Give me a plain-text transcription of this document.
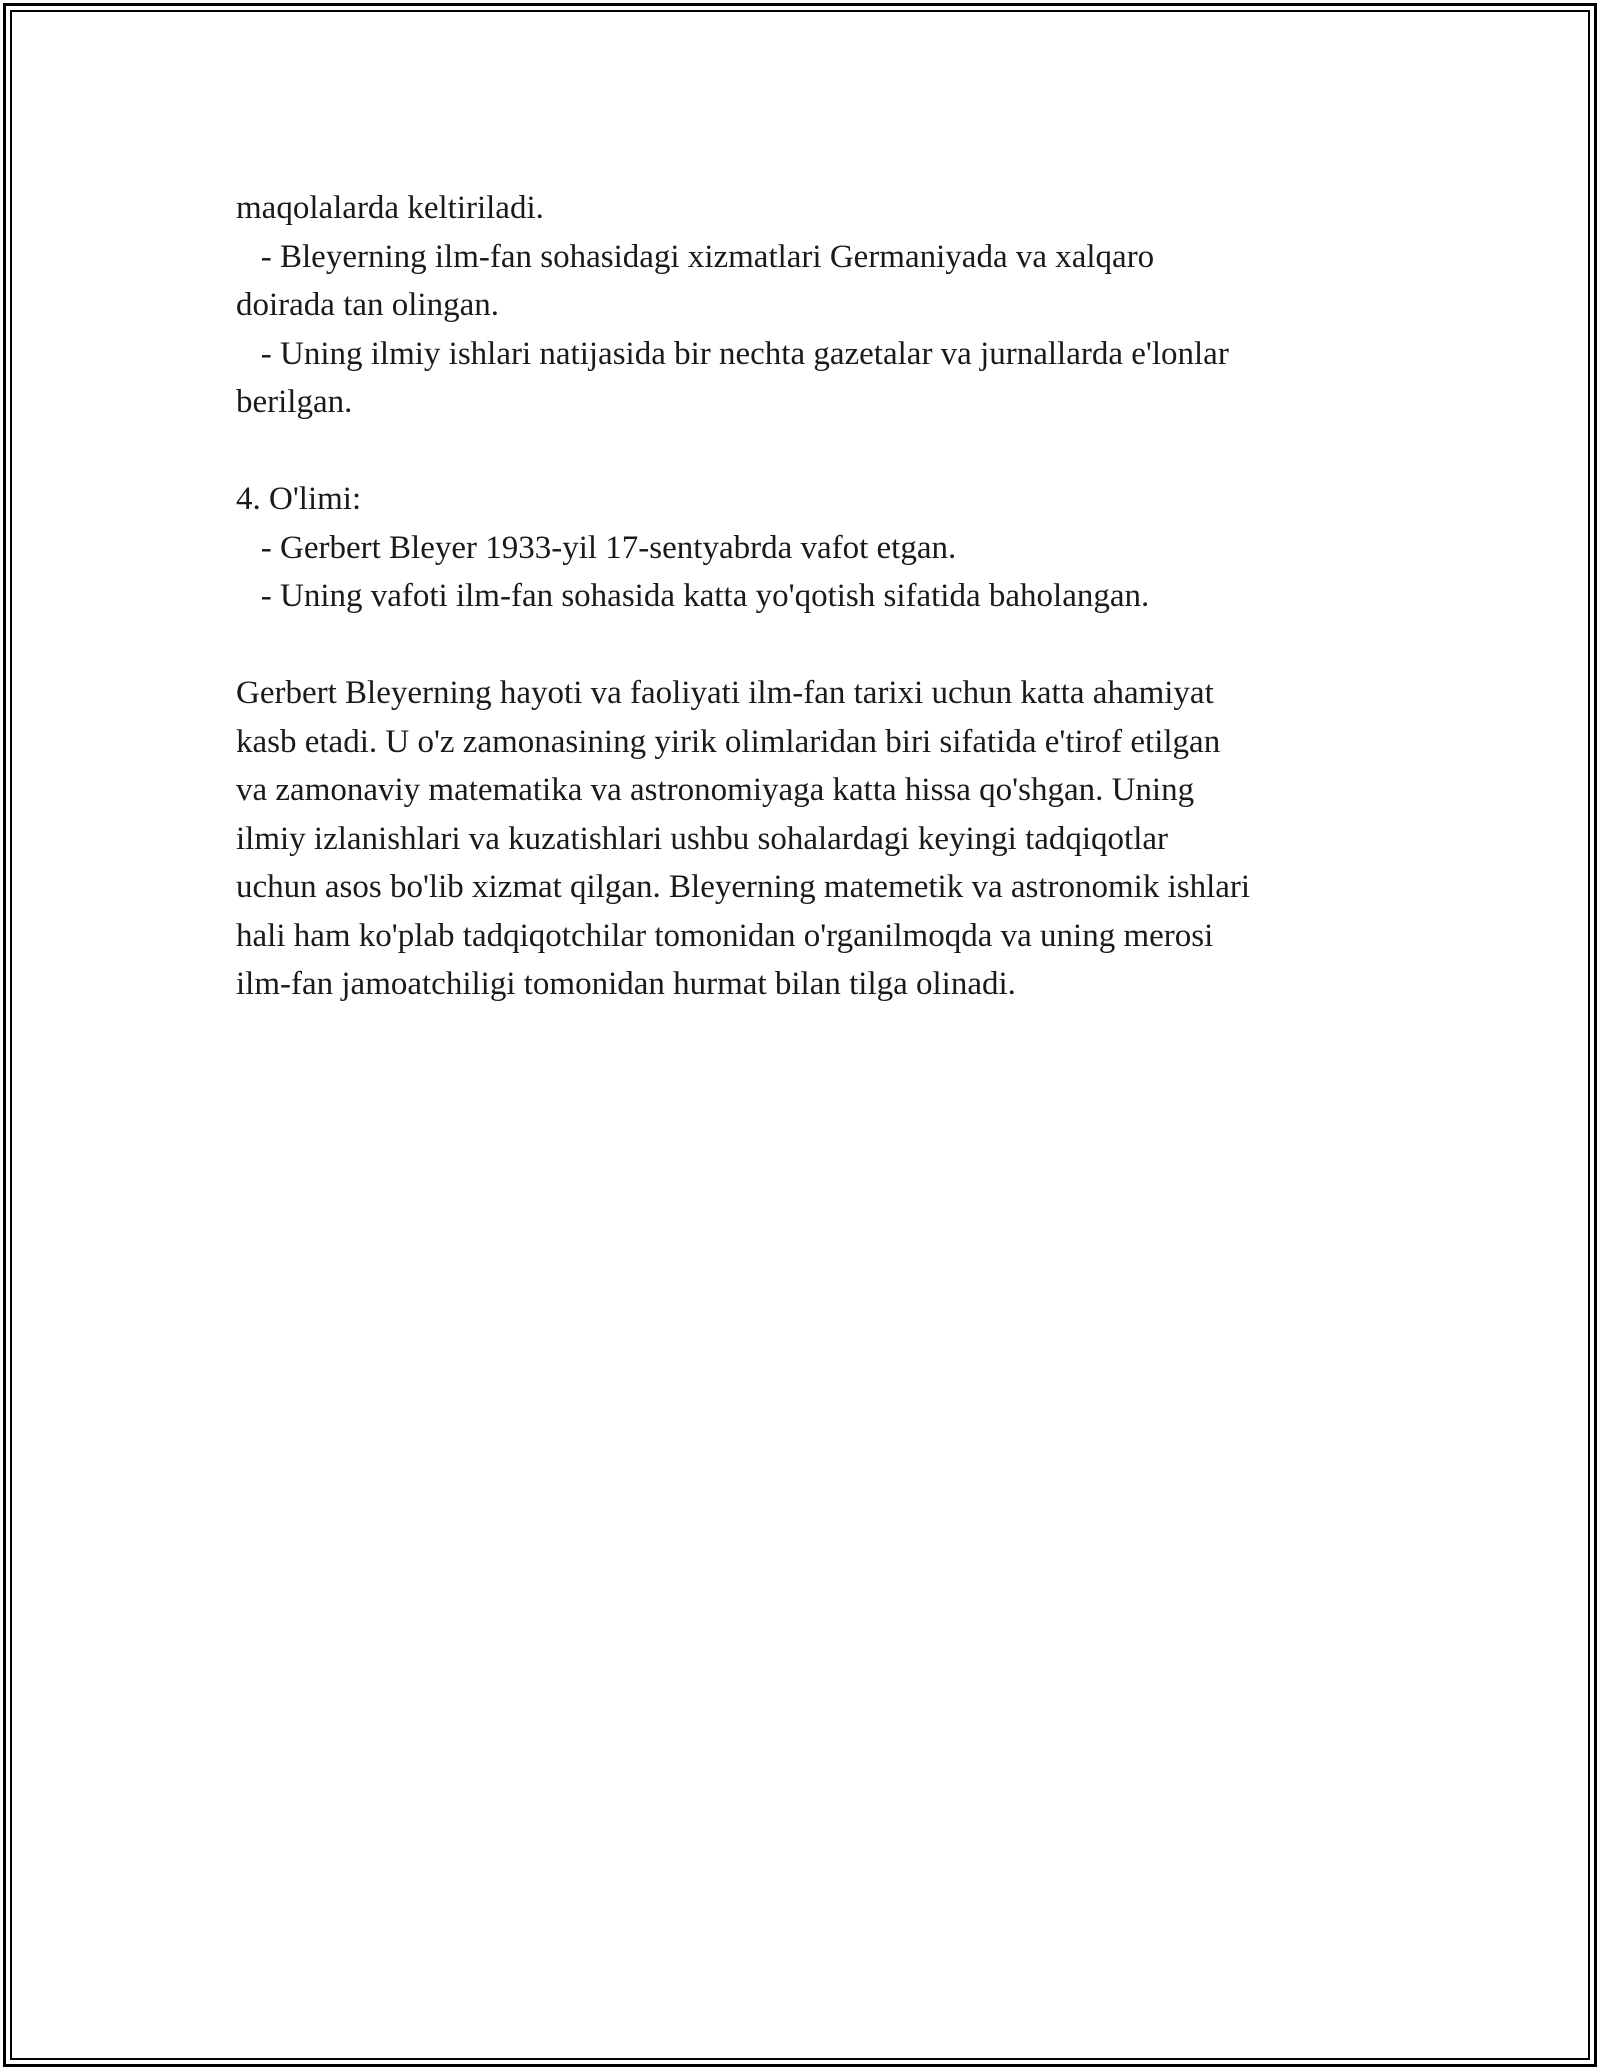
maqolalarda keltiriladi.
- Bleyerning ilm-fan sohasidagi xizmatlari Germaniyada va xalqaro
doirada tan olingan.
- Uning ilmiy ishlari natijasida bir nechta gazetalar va jurnallarda e'lonlar
berilgan.
4. O'limi:
- Gerbert Bleyer 1933-yil 17-sentyabrda vafot etgan.
- Uning vafoti ilm-fan sohasida katta yo'qotish sifatida baholangan.
Gerbert Bleyerning hayoti va faoliyati ilm-fan tarixi uchun katta ahamiyat
kasb etadi. U o'z zamonasining yirik olimlaridan biri sifatida e'tirof etilgan
va zamonaviy matematika va astronomiyaga katta hissa qo'shgan. Uning
ilmiy izlanishlari va kuzatishlari ushbu sohalardagi keyingi tadqiqotlar
uchun asos bo'lib xizmat qilgan. Bleyerning matemetik va astronomik ishlari
hali ham ko'plab tadqiqotchilar tomonidan o'rganilmoqda va uning merosi
ilm-fan jamoatchiligi tomonidan hurmat bilan tilga olinadi.
